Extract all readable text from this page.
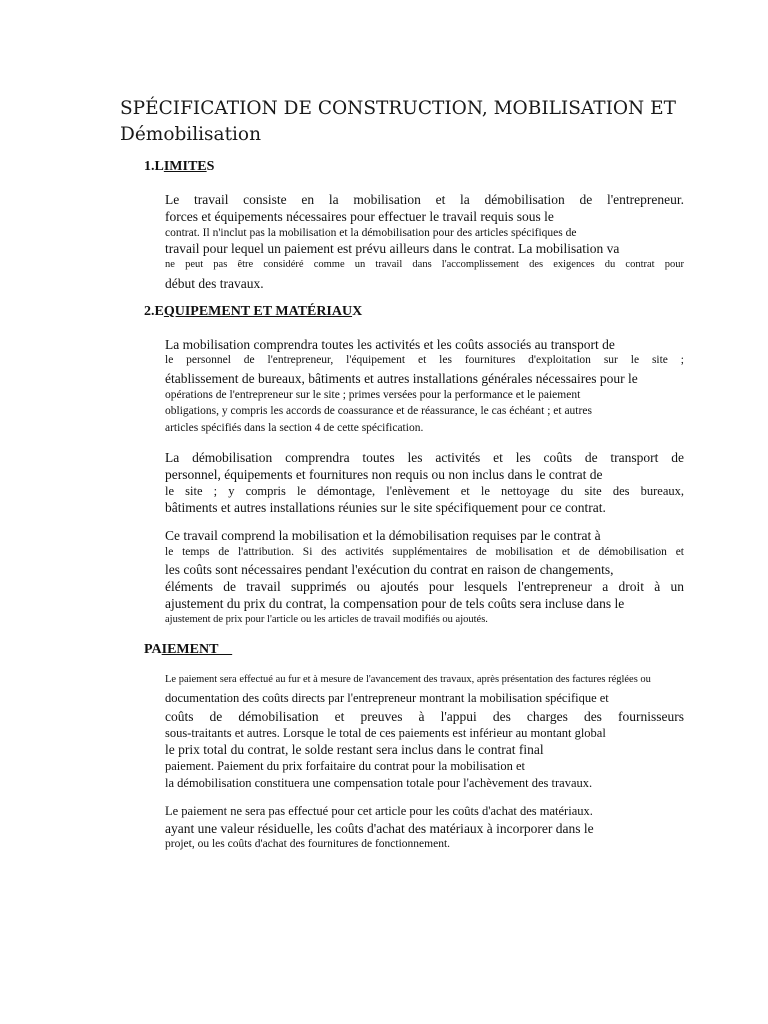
SPÉCIFICATION DE CONSTRUCTION, MOBILISATION ET
Démobilisation
1.LIMITES
Le travail consiste en la mobilisation et la démobilisation de l'entrepreneur.
forces et équipements nécessaires pour effectuer le travail requis sous le
contrat. Il n'inclut pas la mobilisation et la démobilisation pour des articles spécifiques de
travail pour lequel un paiement est prévu ailleurs dans le contrat. La mobilisation va
ne peut pas être considéré comme un travail dans l'accomplissement des exigences du contrat pour
début des travaux.
2.EQUIPEMENT ET MATÉRIAUX
La mobilisation comprendra toutes les activités et les coûts associés au transport de
le personnel de l'entrepreneur, l'équipement et les fournitures d'exploitation sur le site ;
établissement de bureaux, bâtiments et autres installations générales nécessaires pour le
opérations de l'entrepreneur sur le site ; primes versées pour la performance et le paiement
obligations, y compris les accords de coassurance et de réassurance, le cas échéant ; et autres
articles spécifiés dans la section 4 de cette spécification.
La démobilisation comprendra toutes les activités et les coûts de transport de
personnel, équipements et fournitures non requis ou non inclus dans le contrat de
le site ; y compris le démontage, l'enlèvement et le nettoyage du site des bureaux,
bâtiments et autres installations réunies sur le site spécifiquement pour ce contrat.
Ce travail comprend la mobilisation et la démobilisation requises par le contrat à
le temps de l'attribution. Si des activités supplémentaires de mobilisation et de démobilisation et
les coûts sont nécessaires pendant l'exécution du contrat en raison de changements,
éléments de travail supprimés ou ajoutés pour lesquels l'entrepreneur a droit à un
ajustement du prix du contrat, la compensation pour de tels coûts sera incluse dans le
ajustement de prix pour l'article ou les articles de travail modifiés ou ajoutés.
PAIEMENT
Le paiement sera effectué au fur et à mesure de l'avancement des travaux, après présentation des factures réglées ou
documentation des coûts directs par l'entrepreneur montrant la mobilisation spécifique et
coûts de démobilisation et preuves à l'appui des charges des fournisseurs
sous-traitants et autres. Lorsque le total de ces paiements est inférieur au montant global
le prix total du contrat, le solde restant sera inclus dans le contrat final
paiement. Paiement du prix forfaitaire du contrat pour la mobilisation et
la démobilisation constituera une compensation totale pour l'achèvement des travaux.
Le paiement ne sera pas effectué pour cet article pour les coûts d'achat des matériaux.
ayant une valeur résiduelle, les coûts d'achat des matériaux à incorporer dans le
projet, ou les coûts d'achat des fournitures de fonctionnement.
